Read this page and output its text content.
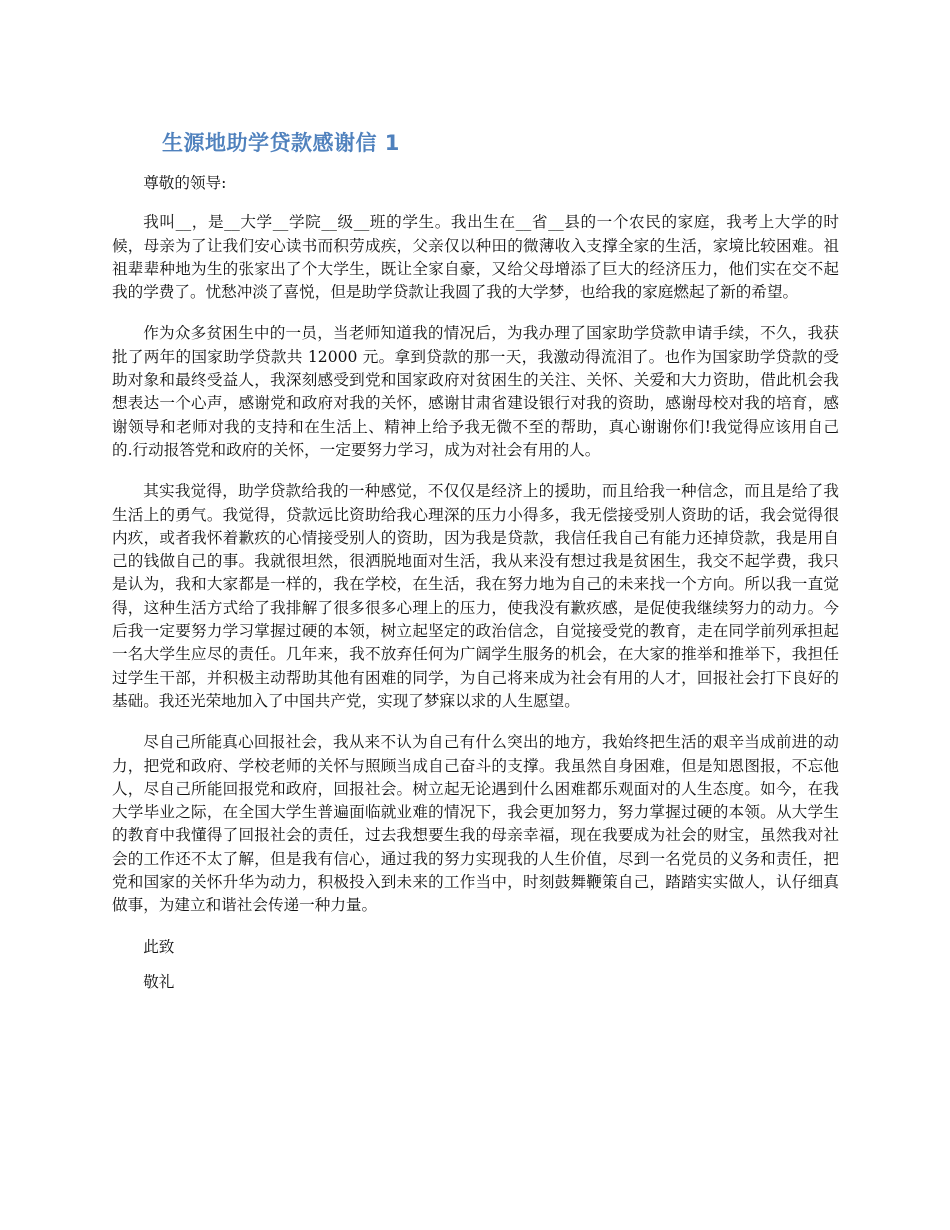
生源地助学贷款感谢信 1

尊敬的领导:

我叫__，是__大学__学院__级__班的学生。我出生在__省__县的一个农民的家庭，我考上大学的时候，母亲为了让我们安心读书而积劳成疾，父亲仅以种田的微薄收入支撑全家的生活，家境比较困难。祖祖辈辈种地为生的张家出了个大学生，既让全家自豪，又给父母增添了巨大的经济压力，他们实在交不起我的学费了。忧愁冲淡了喜悦，但是助学贷款让我圆了我的大学梦，也给我的家庭燃起了新的希望。

作为众多贫困生中的一员，当老师知道我的情况后，为我办理了国家助学贷款申请手续，不久，我获批了两年的国家助学贷款共 12000 元。拿到贷款的那一天，我激动得流泪了。也作为国家助学贷款的受助对象和最终受益人，我深刻感受到党和国家政府对贫困生的关注、关怀、关爱和大力资助，借此机会我想表达一个心声，感谢党和政府对我的关怀，感谢甘肃省建设银行对我的资助，感谢母校对我的培育，感谢领导和老师对我的支持和在生活上、精神上给予我无微不至的帮助，真心谢谢你们!我觉得应该用自己的.行动报答党和政府的关怀，一定要努力学习，成为对社会有用的人。

其实我觉得，助学贷款给我的一种感觉，不仅仅是经济上的援助，而且给我一种信念，而且是给了我生活上的勇气。我觉得，贷款远比资助给我心理深的压力小得多，我无偿接受别人资助的话，我会觉得很内疚，或者我怀着歉疚的心情接受别人的资助，因为我是贷款，我信任我自己有能力还掉贷款，我是用自己的钱做自己的事。我就很坦然，很洒脱地面对生活，我从来没有想过我是贫困生，我交不起学费，我只是认为，我和大家都是一样的，我在学校，在生活，我在努力地为自己的未来找一个方向。所以我一直觉得，这种生活方式给了我排解了很多很多心理上的压力，使我没有歉疚感，是促使我继续努力的动力。今后我一定要努力学习掌握过硬的本领，树立起坚定的政治信念，自觉接受党的教育，走在同学前列承担起一名大学生应尽的责任。几年来，我不放弃任何为广阔学生服务的机会，在大家的推举和推举下，我担任过学生干部，并积极主动帮助其他有困难的同学，为自己将来成为社会有用的人才，回报社会打下良好的基础。我还光荣地加入了中国共产党，实现了梦寐以求的人生愿望。

尽自己所能真心回报社会，我从来不认为自己有什么突出的地方，我始终把生活的艰辛当成前进的动力，把党和政府、学校老师的关怀与照顾当成自己奋斗的支撑。我虽然自身困难，但是知恩图报，不忘他人，尽自己所能回报党和政府，回报社会。树立起无论遇到什么困难都乐观面对的人生态度。如今，在我大学毕业之际，在全国大学生普遍面临就业难的情况下，我会更加努力，努力掌握过硬的本领。从大学生的教育中我懂得了回报社会的责任，过去我想要生我的母亲幸福，现在我要成为社会的财宝，虽然我对社会的工作还不太了解，但是我有信心，通过我的努力实现我的人生价值，尽到一名党员的义务和责任，把党和国家的关怀升华为动力，积极投入到未来的工作当中，时刻鼓舞鞭策自己，踏踏实实做人，认仔细真做事，为建立和谐社会传递一种力量。

此致

敬礼
